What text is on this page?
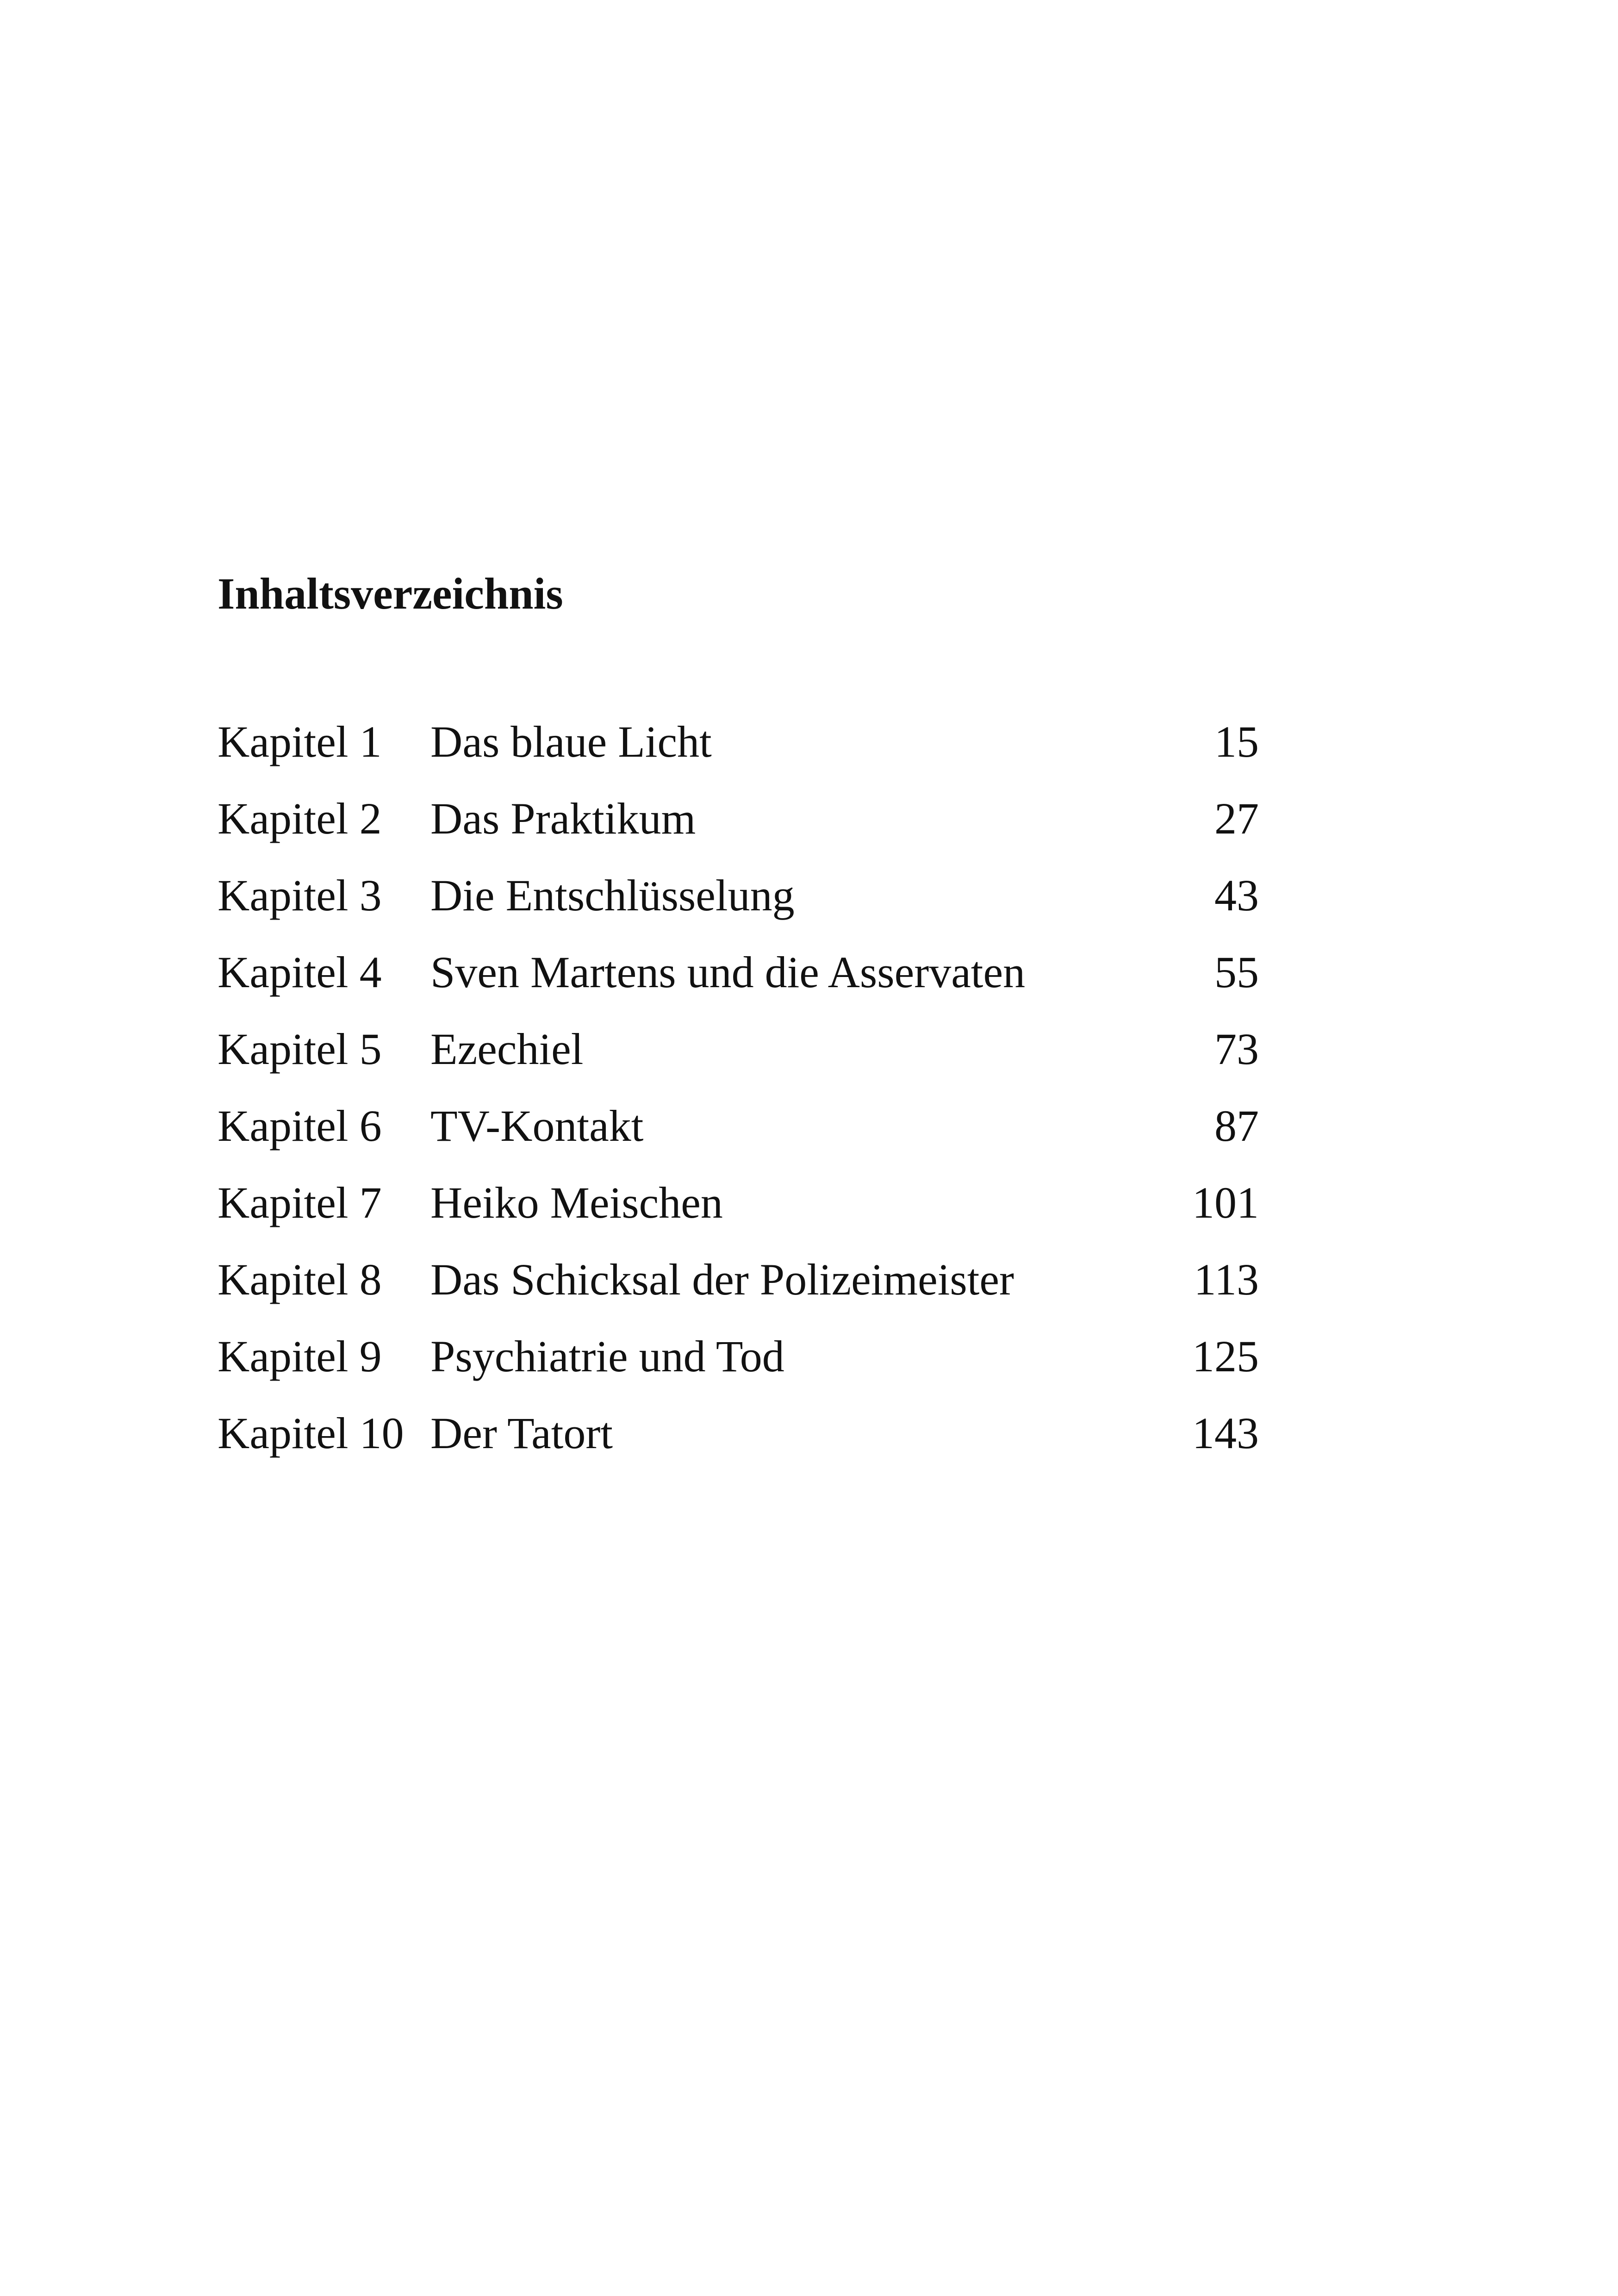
Inhaltsverzeichnis
Kapitel 1	Das blaue Licht	15
Kapitel 2	Das Praktikum	27
Kapitel 3	Die Entschlüsselung	43
Kapitel 4	Sven Martens und die Asservaten	55
Kapitel 5	Ezechiel	73
Kapitel 6	TV-Kontakt	87
Kapitel 7	Heiko Meischen	101
Kapitel 8	Das Schicksal der Polizeimeister	113
Kapitel 9	Psychiatrie und Tod	125
Kapitel 10 Der Tatort	143
